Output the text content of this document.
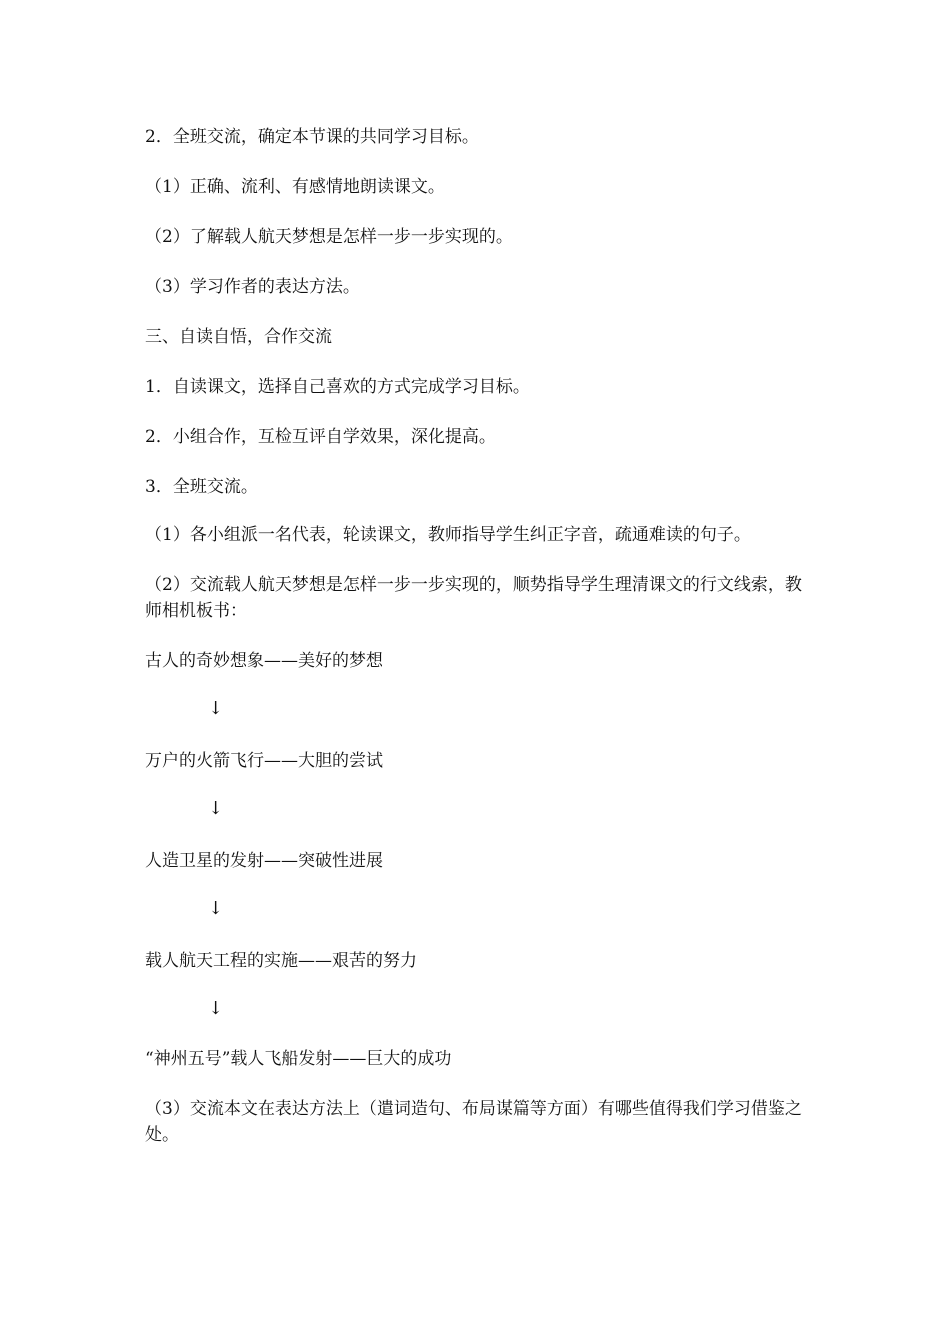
2．全班交流，确定本节课的共同学习目标。
（1）正确、流利、有感情地朗读课文。
（2）了解载人航天梦想是怎样一步一步实现的。
（3）学习作者的表达方法。
三、自读自悟，合作交流
1．自读课文，选择自己喜欢的方式完成学习目标。
2．小组合作，互检互评自学效果，深化提高。
3．全班交流。
（1）各小组派一名代表，轮读课文，教师指导学生纠正字音，疏通难读的句子。
（2）交流载人航天梦想是怎样一步一步实现的，顺势指导学生理清课文的行文线索，教师相机板书：
古人的奇妙想象——美好的梦想
↓
万户的火箭飞行——大胆的尝试
↓
人造卫星的发射——突破性进展
↓
载人航天工程的实施——艰苦的努力
↓
“神州五号”载人飞船发射——巨大的成功
（3）交流本文在表达方法上（遣词造句、布局谋篇等方面）有哪些值得我们学习借鉴之处。
